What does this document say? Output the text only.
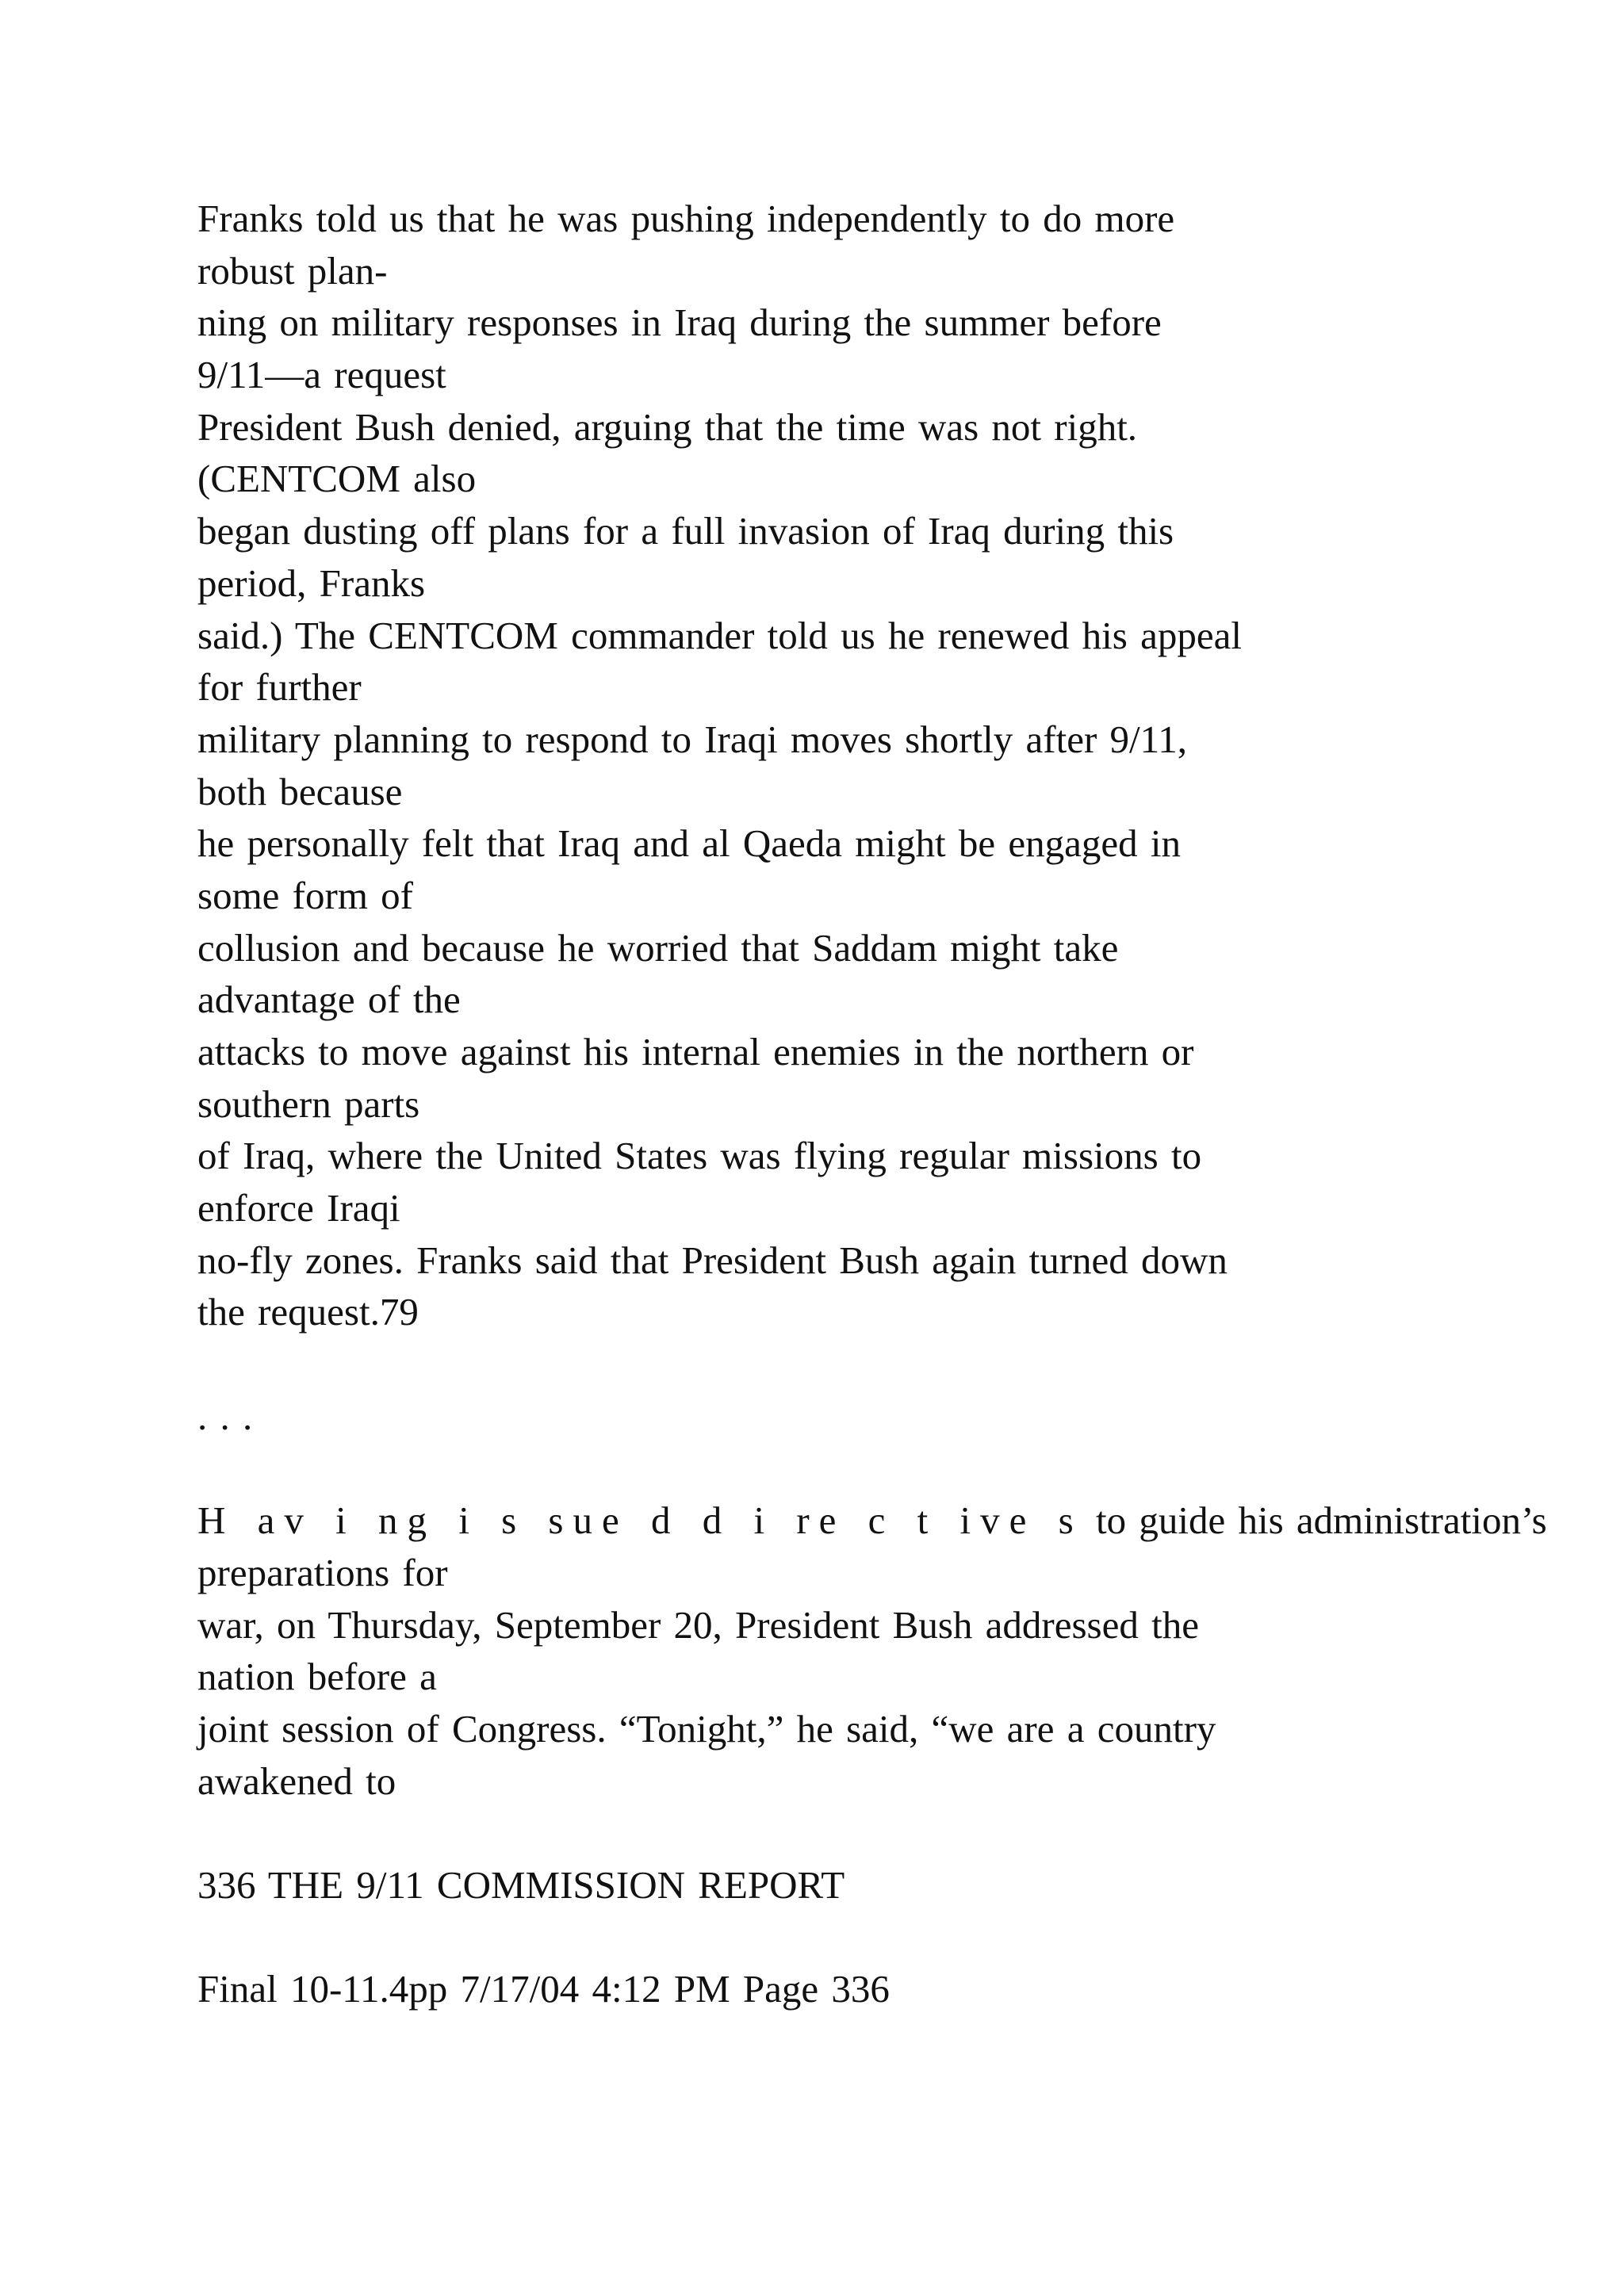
Franks told us that he was pushing independently to do more
robust plan-
ning on military responses in Iraq during the summer before
9/11—a request
President Bush denied, arguing that the time was not right.
(CENTCOM also
began dusting off plans for a full invasion of Iraq during this
period, Franks
said.) The CENTCOM commander told us he renewed his appeal
for further
military planning to respond to Iraqi moves shortly after 9/11,
both because
he personally felt that Iraq and al Qaeda might be engaged in
some form of
collusion and because he worried that Saddam might take
advantage of the
attacks to move against his internal enemies in the northern or
southern parts
of Iraq, where the United States was flying regular missions to
enforce Iraqi
no-fly zones. Franks said that President Bush again turned down
the request.79
. . .
H av i ng i s sue d d i re c t ive s to guide his administration’s
preparations for
war, on Thursday, September 20, President Bush addressed the
nation before a
joint session of Congress. “Tonight,” he said, “we are a country
awakened to
336 THE 9/11 COMMISSION REPORT
Final 10-11.4pp 7/17/04 4:12 PM Page 336
